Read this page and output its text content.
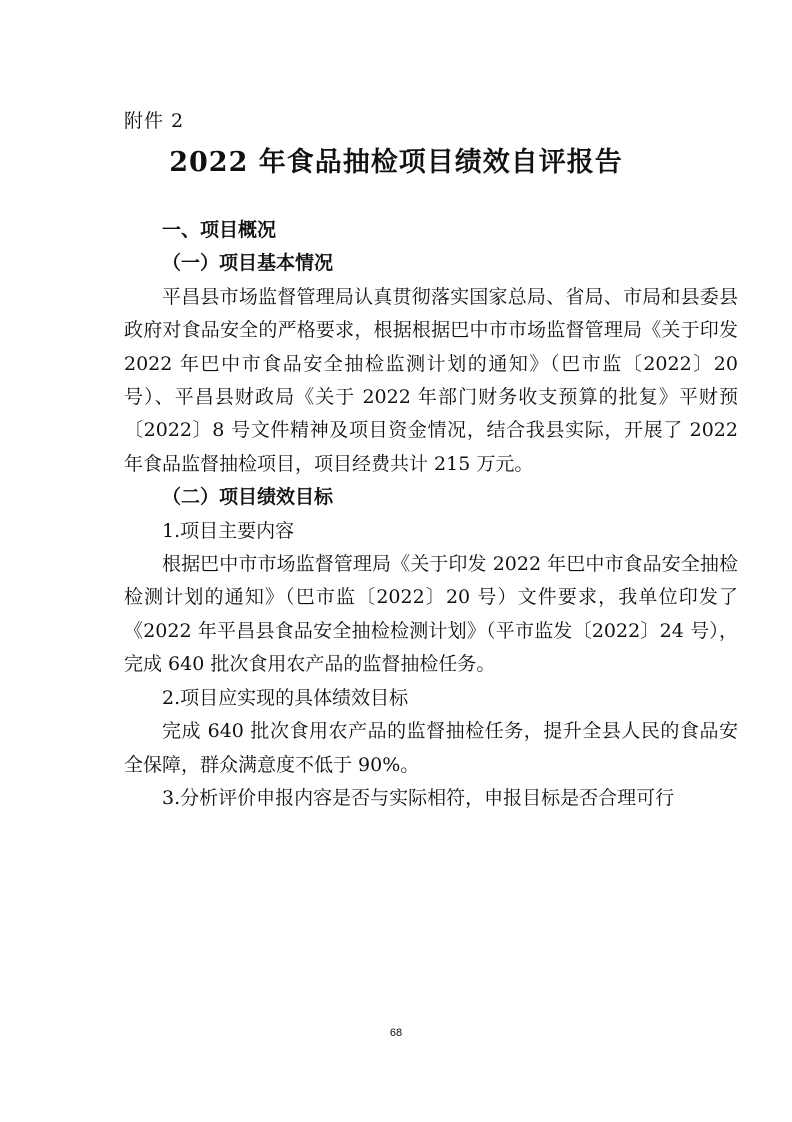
附件 2
2022 年食品抽检项目绩效自评报告

一、项目概况

（一）项目基本情况

平昌县市场监督管理局认真贯彻落实国家总局、省局、市局和县委县政府对食品安全的严格要求，根据根据巴中市市场监督管理局《关于印发 2022 年巴中市食品安全抽检监测计划的通知》（巴市监〔2022〕20 号）、平昌县财政局《关于 2022 年部门财务收支预算的批复》平财预〔2022〕8 号文件精神及项目资金情况，结合我县实际，开展了 2022 年食品监督抽检项目，项目经费共计 215 万元。

（二）项目绩效目标

1.项目主要内容

根据巴中市市场监督管理局《关于印发 2022 年巴中市食品安全抽检检测计划的通知》（巴市监〔2022〕20 号）文件要求，我单位印发了《2022 年平昌县食品安全抽检检测计划》（平市监发〔2022〕24 号），完成 640 批次食用农产品的监督抽检任务。

2.项目应实现的具体绩效目标

完成 640 批次食用农产品的监督抽检任务，提升全县人民的食品安全保障，群众满意度不低于 90%。

3.分析评价申报内容是否与实际相符，申报目标是否合理可行

68
